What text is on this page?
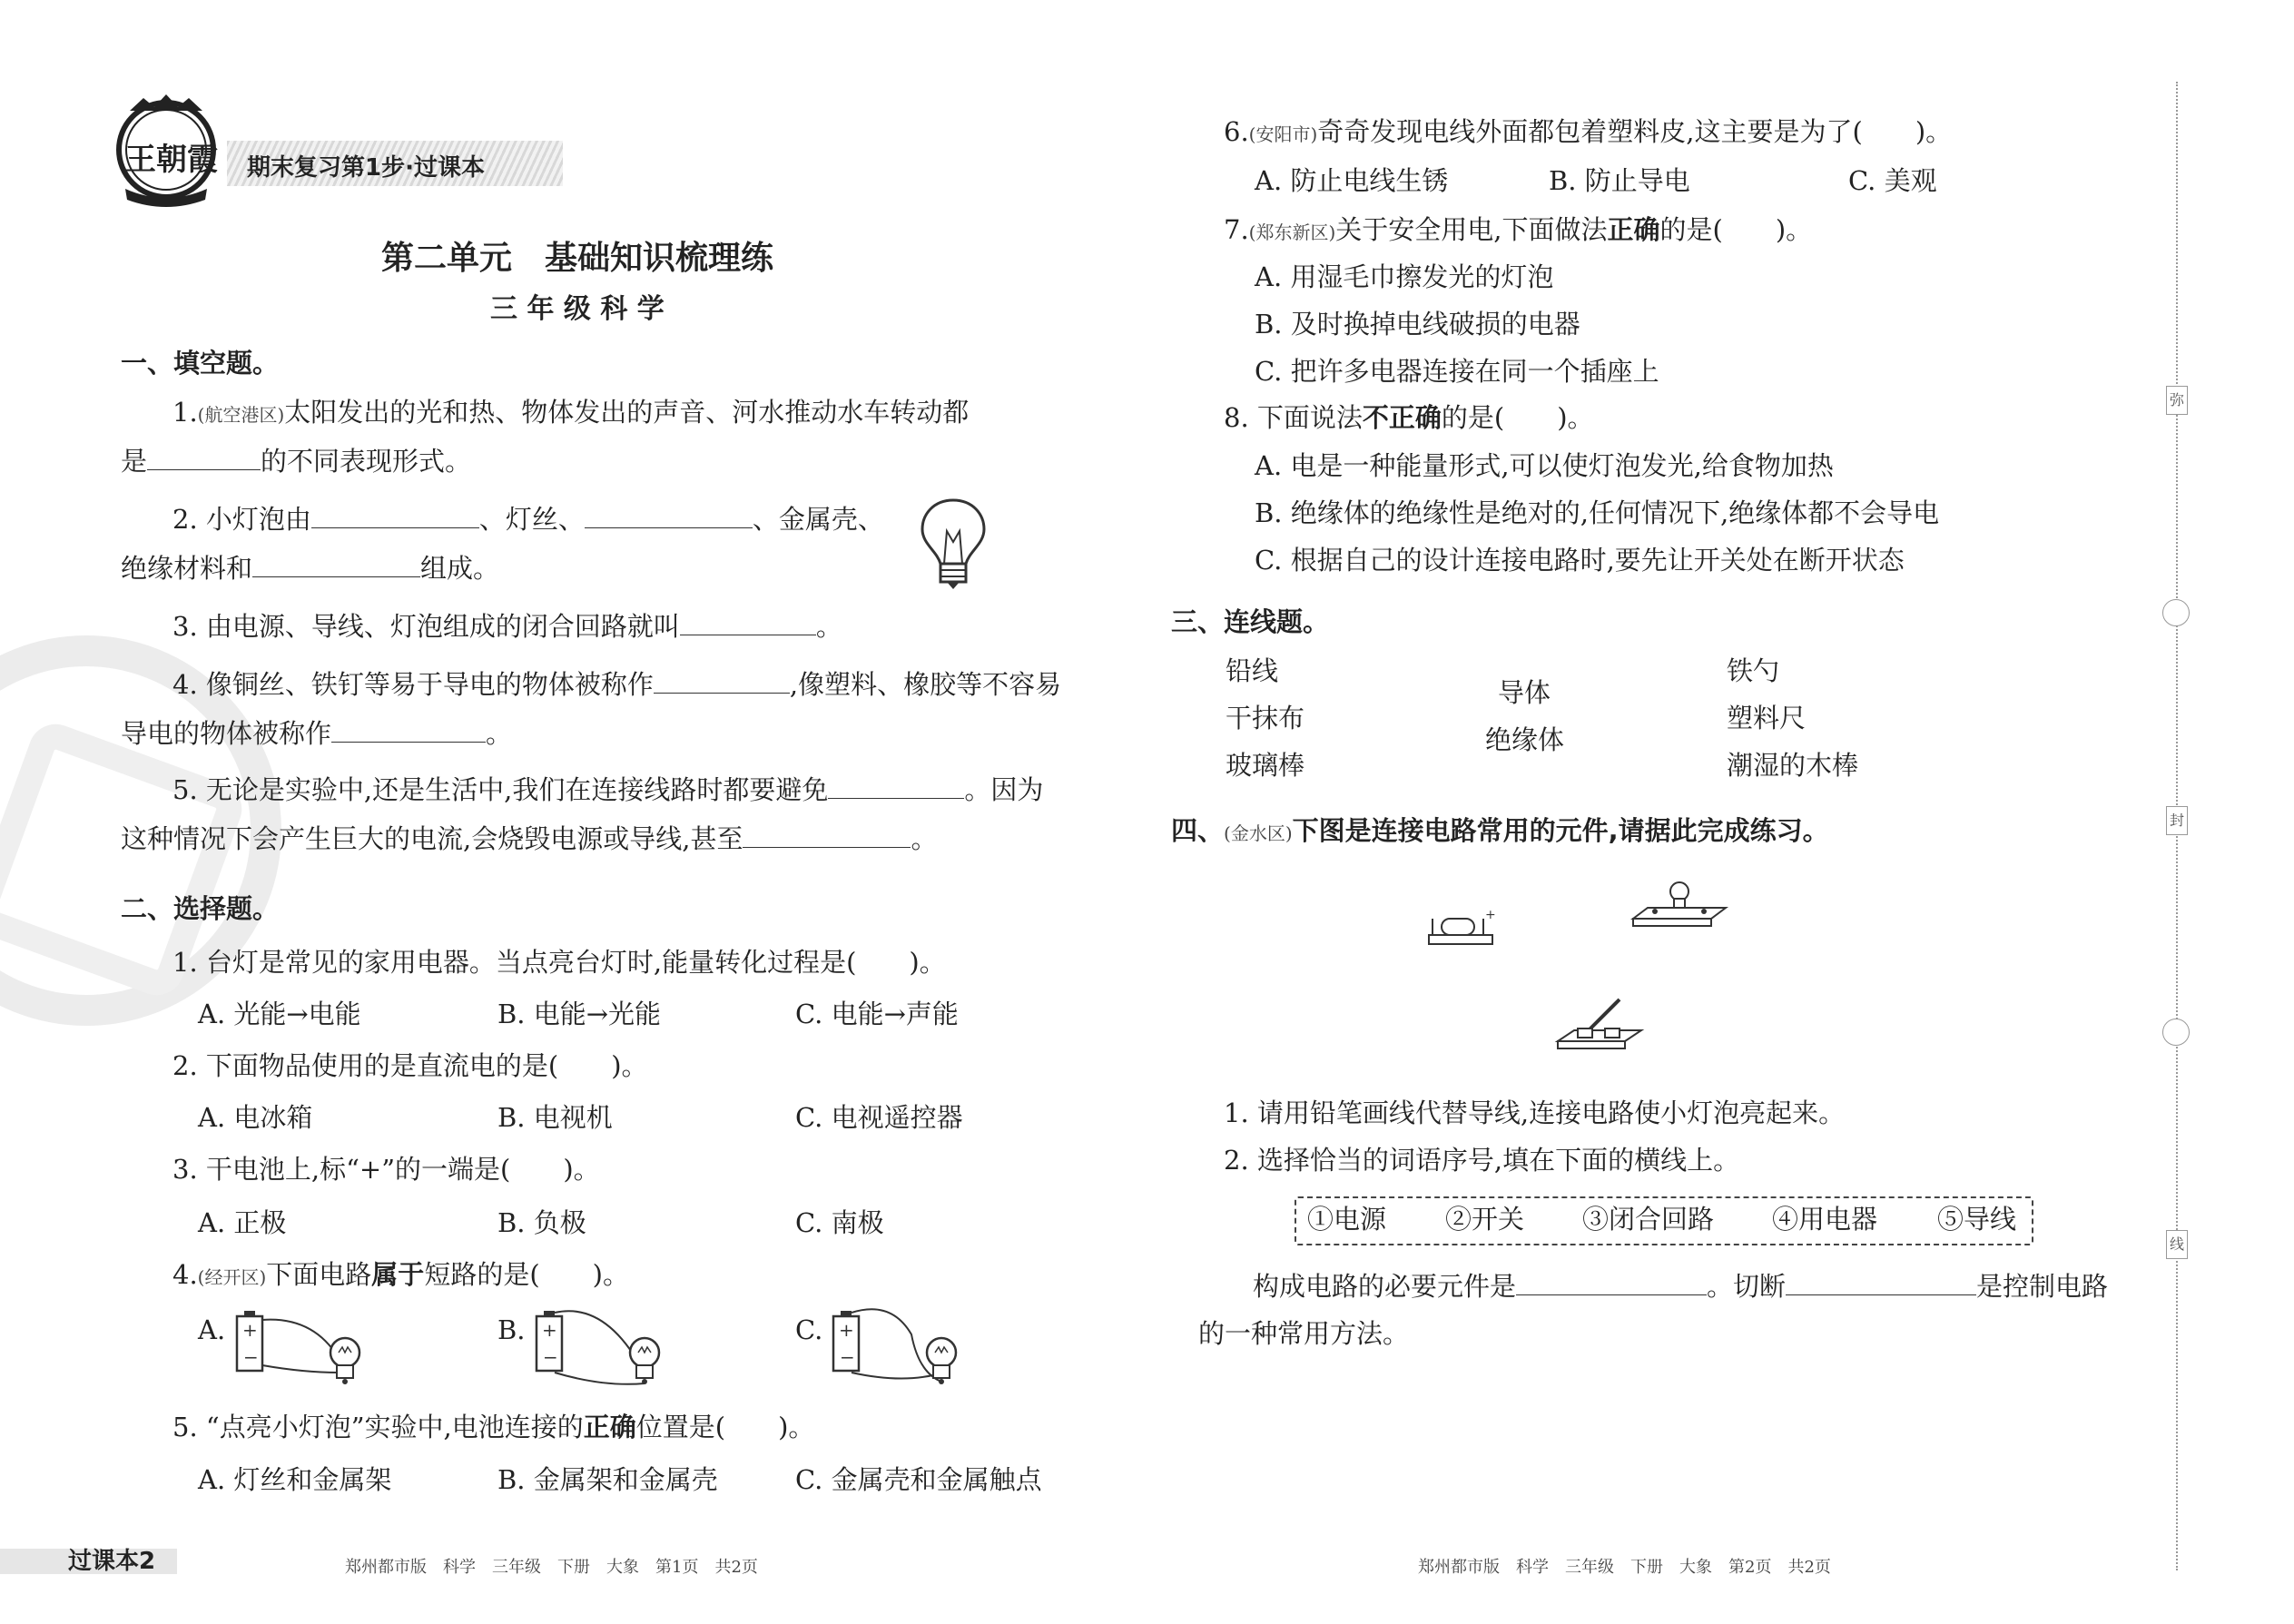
王朝霞 期末复习第1步·过课本
第二单元　基础知识梳理练
三 年 级 科 学
一、填空题。
1.(航空港区)太阳发出的光和热、物体发出的声音、河水推动水车转动都
是	的不同表现形式。
2. 小灯泡由	、灯丝、	、金属壳、
绝缘材料和	组成。
3. 由电源、导线、灯泡组成的闭合回路就叫	。
4. 像铜丝、铁钉等易于导电的物体被称作	,像塑料、橡胶等不容易
导电的物体被称作	。
5. 无论是实验中,还是生活中,我们在连接线路时都要避免	。因为
这种情况下会产生巨大的电流,会烧毁电源或导线,甚至	。
二、选择题。
1. 台灯是常见的家用电器。当点亮台灯时,能量转化过程是(　　)。
A. 光能→电能	B. 电能→光能	C. 电能→声能
2. 下面物品使用的是直流电的是(　　)。
A. 电冰箱	B. 电视机	C. 电视遥控器
3. 干电池上,标“+”的一端是(　　)。
A. 正极	B. 负极	C. 南极
4.(经开区)下面电路属于短路的是(　　)。
A. +
−
B. +
−
C. +
−
5. “点亮小灯泡”实验中,电池连接的正确位置是(　　)。
A. 灯丝和金属架	B. 金属架和金属壳	C. 金属壳和金属触点
6.(安阳市)奇奇发现电线外面都包着塑料皮,这主要是为了(　　)。
A. 防止电线生锈	B. 防止导电	C. 美观
7.(郑东新区)关于安全用电,下面做法正确的是(　　)。
A. 用湿毛巾擦发光的灯泡
B. 及时换掉电线破损的电器
C. 把许多电器连接在同一个插座上
8. 下面说法不正确的是(　　)。
A. 电是一种能量形式,可以使灯泡发光,给食物加热
B. 绝缘体的绝缘性是绝对的,任何情况下,绝缘体都不会导电
C. 根据自己的设计连接电路时,要先让开关处在断开状态
三、连线题。
铅线
干抹布
玻璃棒
导体
绝缘体
铁勺
塑料尺
潮湿的木棒
四、(金水区)下图是连接电路常用的元件,请据此完成练习。
+
1. 请用铅笔画线代替导线,连接电路使小灯泡亮起来。
2. 选择恰当的词语序号,填在下面的横线上。
①电源 ②开关 ③闭合回路 ④用电器 ⑤导线
构成电路的必要元件是	。切断	是控制电路
的一种常用方法。
弥
封
线
过课本2	郑州都市版　科学　三年级　下册　大象　第1页　共2页	郑州都市版　科学　三年级　下册　大象　第2页　共2页
